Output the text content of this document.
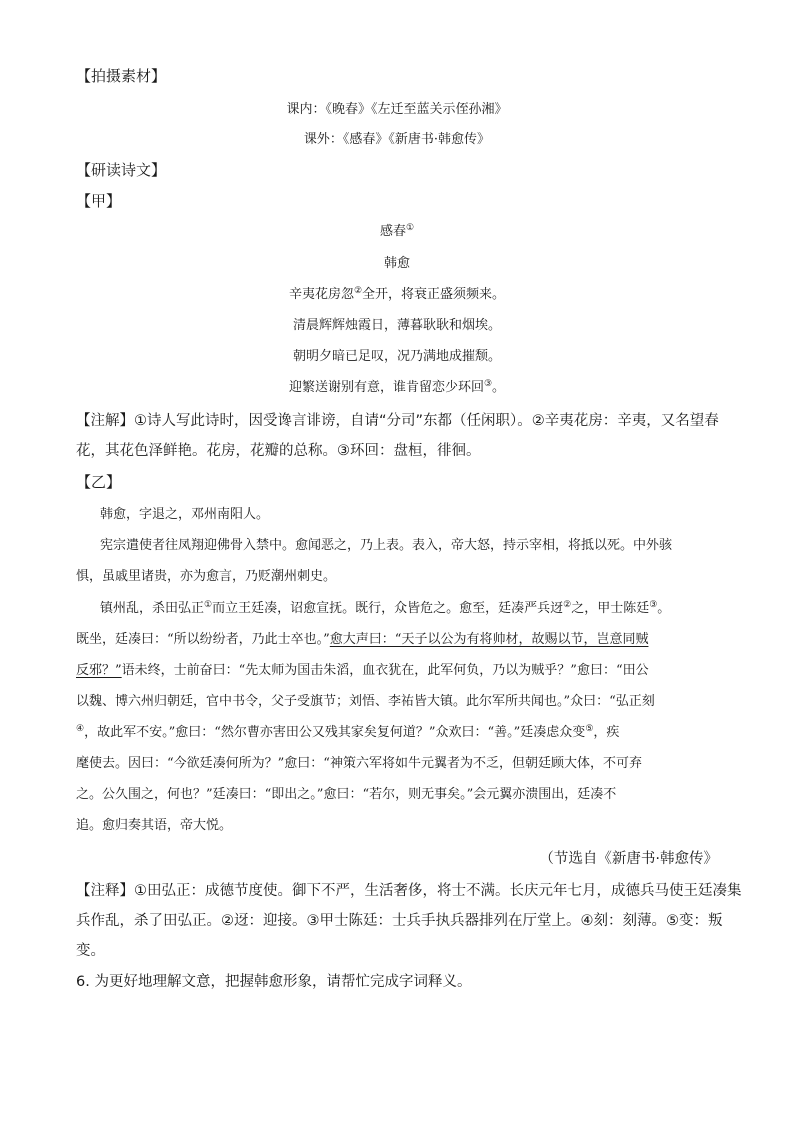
【拍摄素材】
课内：《晚春》《左迁至蓝关示侄孙湘》
课外：《感春》《新唐书·韩愈传》
【研读诗文】
【甲】
感春①
韩愈
辛夷花房忽②全开，将衰正盛须频来。
清晨辉辉烛霞日，薄暮耿耿和烟埃。
朝明夕暗已足叹，况乃满地成摧颓。
迎繁送谢别有意，谁肯留恋少环回③。
【注解】①诗人写此诗时，因受谗言诽谤，自请“分司”东都（任闲职）。②辛夷花房：辛夷，又名望春
花，其花色泽鲜艳。花房，花瓣的总称。③环回：盘桓，徘徊。
【乙】
韩愈，字退之，邓州南阳人。
宪宗遣使者往凤翔迎佛骨入禁中。愈闻恶之，乃上表。表入，帝大怒，持示宰相，将抵以死。中外骇
惧，虽戚里诸贵，亦为愈言，乃贬潮州刺史。
镇州乱，杀田弘正①而立王廷凑，诏愈宣抚。既行，众皆危之。愈至，廷凑严兵迓②之，甲士陈廷③。
既坐，廷凑曰：“所以纷纷者，乃此士卒也。”愈大声曰：“天子以公为有将帅材，故赐以节，岂意同贼
反邪？”语未终，士前奋曰：“先太师为国击朱滔，血衣犹在，此军何负，乃以为贼乎？”愈曰：“田公
以魏、博六州归朝廷，官中书令，父子受旗节；刘悟、李祐皆大镇。此尔军所共闻也。”众曰：“弘正刻
④，故此军不安。”愈曰：“然尔曹亦害田公又残其家矣复何道？”众欢曰：“善。”廷凑虑众变⑤，疾
麾使去。因曰：“今欲廷凑何所为？”愈曰：“神策六军将如牛元翼者为不乏，但朝廷顾大体，不可弃
之。公久围之，何也？”廷凑曰：“即出之。”愈曰：“若尔，则无事矣。”会元翼亦溃围出，廷凑不
追。愈归奏其语，帝大悦。
（节选自《新唐书·韩愈传》
【注释】①田弘正：成德节度使。御下不严，生活奢侈，将士不满。长庆元年七月，成德兵马使王廷凑集
兵作乱，杀了田弘正。②迓：迎接。③甲士陈廷：士兵手执兵器排列在厅堂上。④刻：刻薄。⑤变：叛
变。
6. 为更好地理解文意，把握韩愈形象，请帮忙完成字词释义。
